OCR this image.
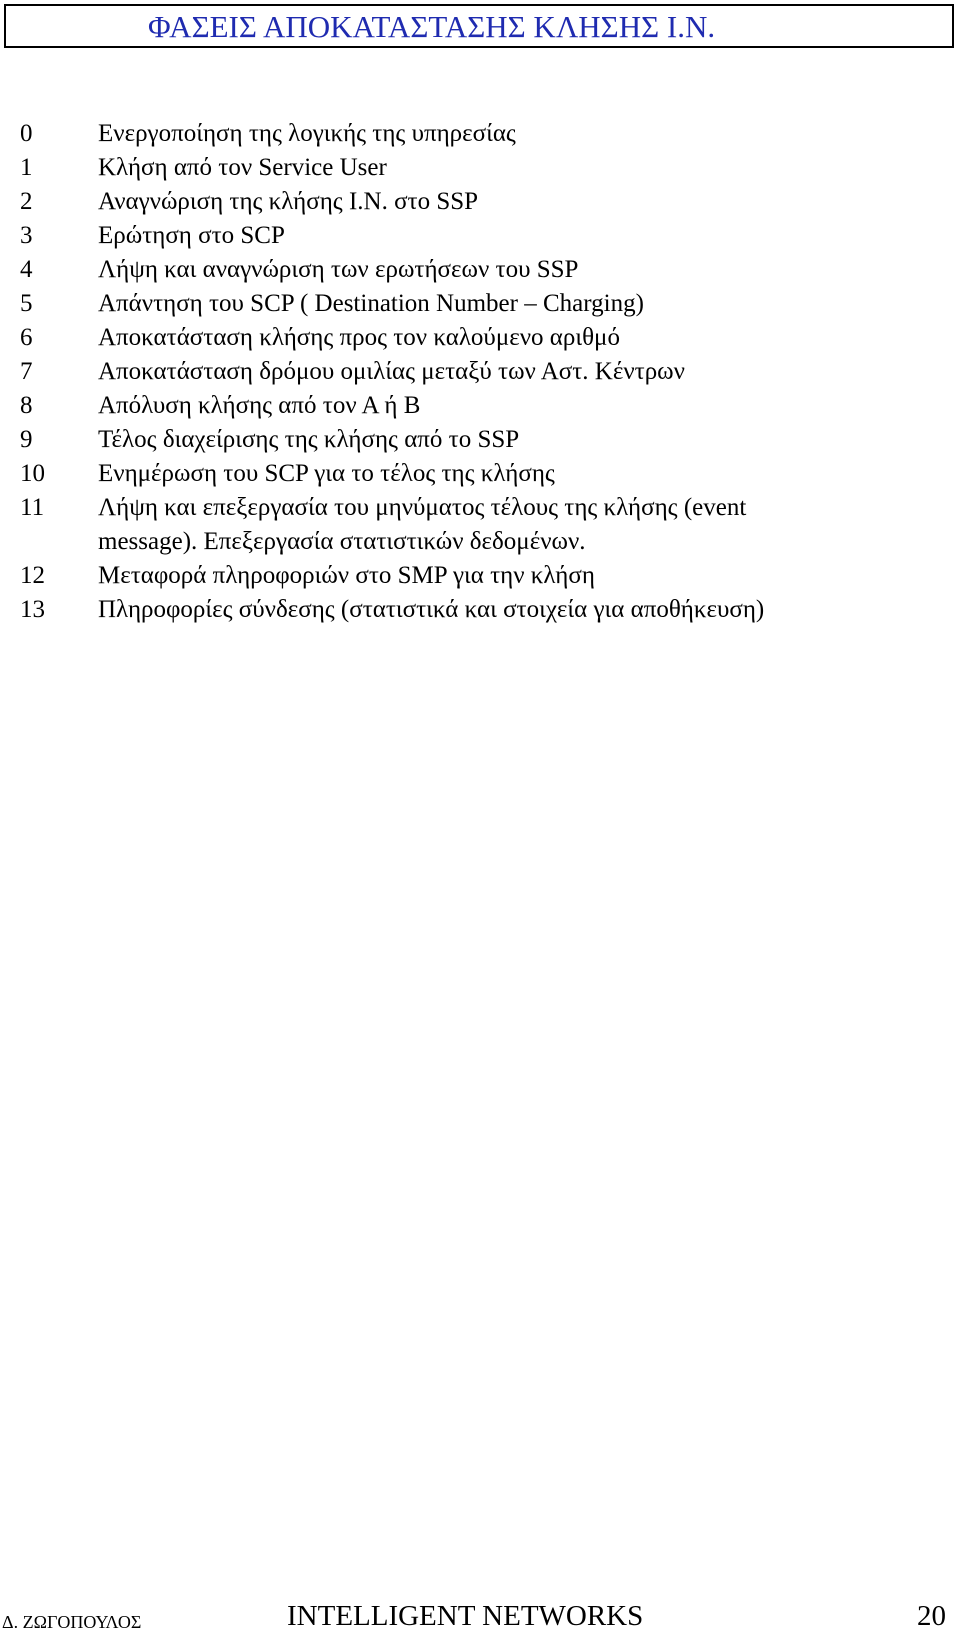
ΦΑΣΕΙΣ ΑΠΟΚΑΤΑΣΤΑΣΗΣ ΚΛΗΣΗΣ Ι.Ν.
0	Ενεργοποίηση της λογικής της υπηρεσίας
1	Κλήση από τον Service User
2	Αναγνώριση της κλήσης Ι.Ν. στο SSP
3	Ερώτηση στο SCP
4	Λήψη και αναγνώριση των ερωτήσεων του SSP
5	Απάντηση του SCP ( Destination Number – Charging)
6	Αποκατάσταση κλήσης προς τον καλούμενο αριθμό
7	Αποκατάσταση δρόμου ομιλίας μεταξύ των Αστ. Κέντρων
8	Απόλυση κλήσης από τον Α ή Β
9	Τέλος διαχείρισης της κλήσης από το SSP
10 Ενημέρωση του SCP για το τέλος της κλήσης
11 Λήψη και επεξεργασία του μηνύματος τέλους της κλήσης (event
message). Επεξεργασία στατιστικών δεδομένων.
12 Μεταφορά πληροφοριών στο SMP για την κλήση
13 Πληροφορίες σύνδεσης (στατιστικά και στοιχεία για αποθήκευση)
Δ. ΖΩΓΟΠΟΥΛΟΣ	INTELLIGENT NETWORKS	20
